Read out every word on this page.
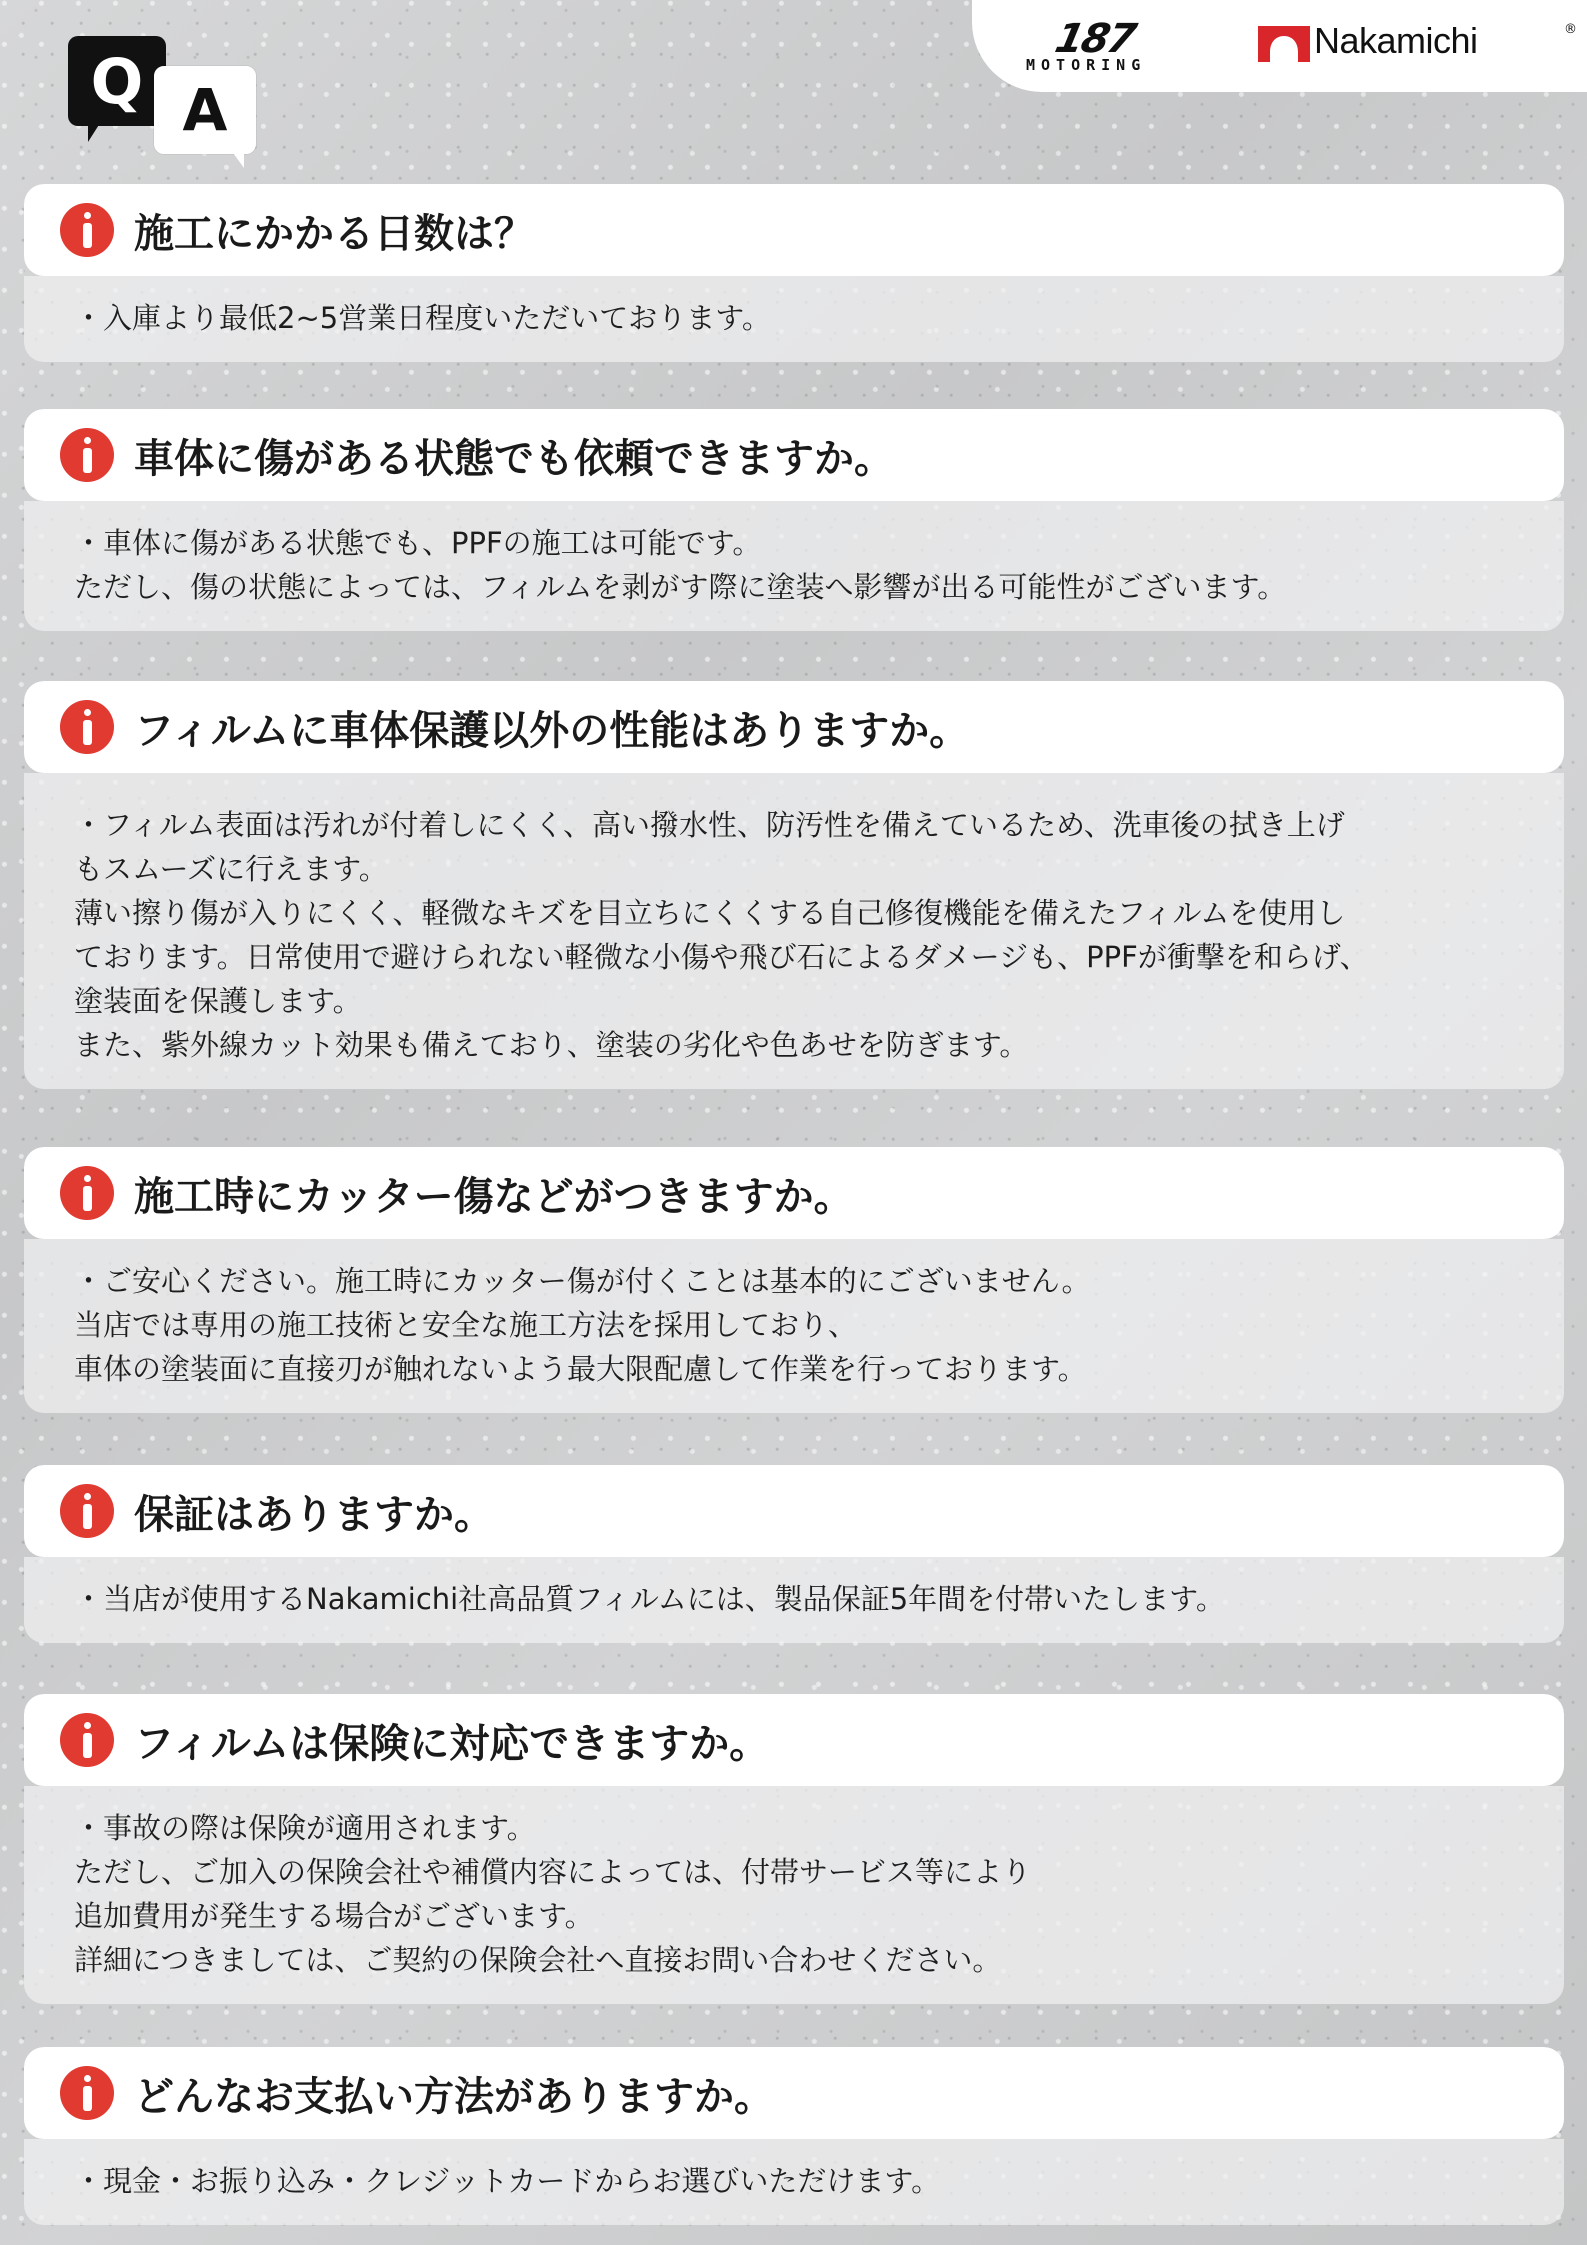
Q A
187
MOTORING
Nakamichi	®
施工にかかる日数は？
・入庫より最低2~5営業日程度いただいております。
車体に傷がある状態でも依頼できますか。
・車体に傷がある状態でも、PPFの施工は可能です。
ただし、傷の状態によっては、フィルムを剥がす際に塗装へ影響が出る可能性がございます。
フィルムに車体保護以外の性能はありますか。
・フィルム表面は汚れが付着しにくく、高い撥水性、防汚性を備えているため、洗車後の拭き上げ
もスムーズに行えます。
薄い擦り傷が入りにくく、軽微なキズを目立ちにくくする自己修復機能を備えたフィルムを使用し
ております。日常使用で避けられない軽微な小傷や飛び石によるダメージも、PPFが衝撃を和らげ、
塗装面を保護します。
また、紫外線カット効果も備えており、塗装の劣化や色あせを防ぎます。
施工時にカッター傷などがつきますか。
・ご安心ください。施工時にカッター傷が付くことは基本的にございません。
当店では専用の施工技術と安全な施工方法を採用しており、
車体の塗装面に直接刃が触れないよう最大限配慮して作業を行っております。
保証はありますか。
・当店が使用するNakamichi社高品質フィルムには、製品保証5年間を付帯いたします。
フィルムは保険に対応できますか。
・事故の際は保険が適用されます。
ただし、ご加入の保険会社や補償内容によっては、付帯サービス等により
追加費用が発生する場合がございます。
詳細につきましては、ご契約の保険会社へ直接お問い合わせください。
どんなお支払い方法がありますか。
・現金・お振り込み・クレジットカードからお選びいただけます。
